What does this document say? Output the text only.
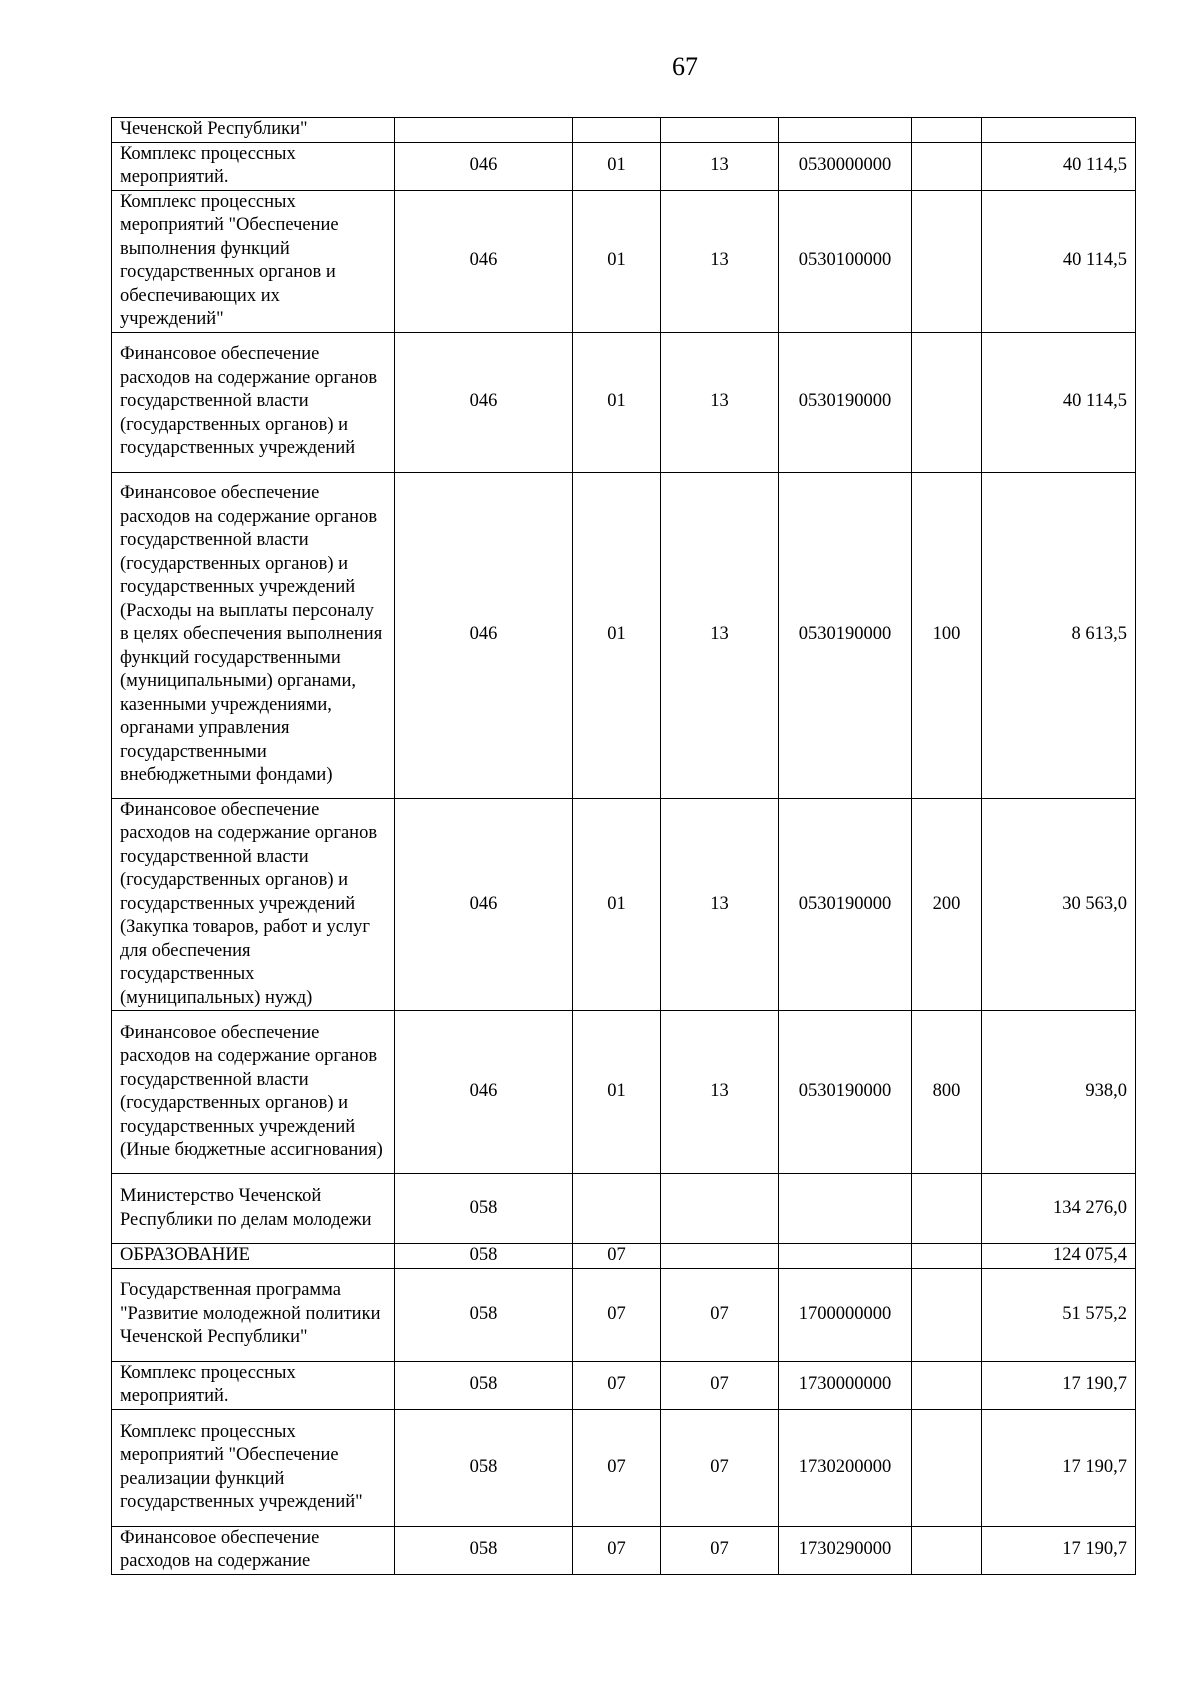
67
Чеченской Республики"						
Комплекс процессных мероприятий.	046	01	13	0530000000		40 114,5
Комплекс процессных мероприятий "Обеспечение выполнения функций государственных органов и обеспечивающих их учреждений"	046	01	13	0530100000		40 114,5
Финансовое обеспечение расходов на содержание органов государственной власти (государственных органов) и государственных учреждений	046	01	13	0530190000		40 114,5
Финансовое обеспечение расходов на содержание органов государственной власти (государственных органов) и государственных учреждений (Расходы на выплаты персоналу в целях обеспечения выполнения функций государственными (муниципальными) органами, казенными учреждениями, органами управления государственными внебюджетными фондами)	046	01	13	0530190000	100	8 613,5
Финансовое обеспечение расходов на содержание органов государственной власти (государственных органов) и государственных учреждений (Закупка товаров, работ и услуг для обеспечения государственных (муниципальных) нужд)	046	01	13	0530190000	200	30 563,0
Финансовое обеспечение расходов на содержание органов государственной власти (государственных органов) и государственных учреждений (Иные бюджетные ассигнования)	046	01	13	0530190000	800	938,0
Министерство Чеченской Республики по делам молодежи	058					134 276,0
ОБРАЗОВАНИЕ	058	07				124 075,4
Государственная программа "Развитие молодежной политики Чеченской Республики"	058	07	07	1700000000		51 575,2
Комплекс процессных мероприятий.	058	07	07	1730000000		17 190,7
Комплекс процессных мероприятий "Обеспечение реализации функций государственных учреждений"	058	07	07	1730200000		17 190,7
Финансовое обеспечение расходов на содержание	058	07	07	1730290000		17 190,7
